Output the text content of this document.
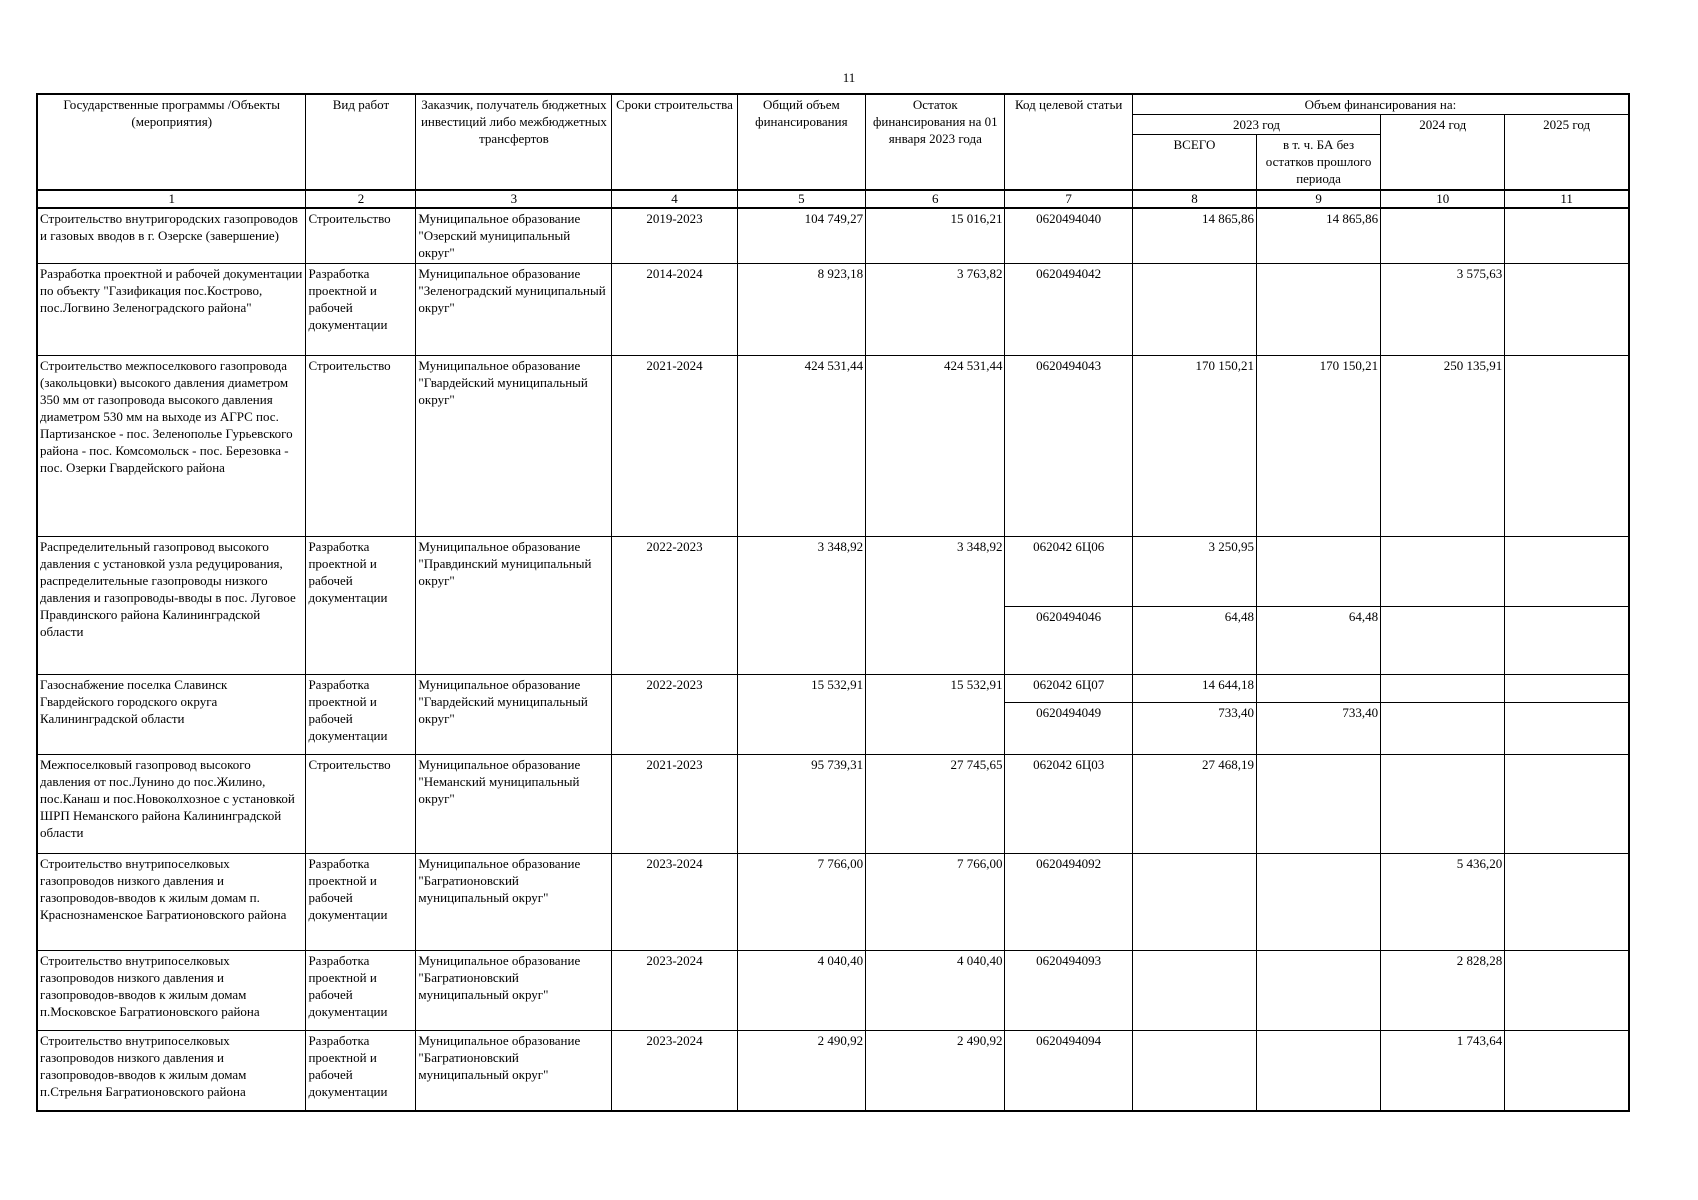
11
Государственные программы /Объекты (мероприятия)	Вид работ	Заказчик, получатель бюджетных инвестиций либо межбюджетных трансфертов	Сроки строительства	Общий объем финансирования	Остаток финансирования на 01 января 2023 года	Код целевой статьи	Объем финансирования на:			
							2023 год		2024 год	2025 год
							ВСЕГО	в т. ч. БА без остатков прошлого периода		
1	2	3	4	5	6	7	8	9	10	11
Строительство внутригородских газопроводов и газовых вводов в г. Озерске (завершение)	Строительство	Муниципальное образование "Озерский муниципальный округ"	2019-2023	104 749,27	15 016,21	0620494040	14 865,86	14 865,86		
Разработка проектной и рабочей документации по объекту "Газификация пос.Кострово, пос.Логвино Зеленоградского района"	Разработка проектной и рабочей документации	Муниципальное образование "Зеленоградский муниципальный округ"	2014-2024	8 923,18	3 763,82	0620494042			3 575,63	
Строительство межпоселкового газопровода (закольцовки) высокого давления диаметром 350 мм от газопровода высокого давления диаметром 530 мм на выходе из АГРС пос. Партизанское - пос. Зеленополье Гурьевского района - пос. Комсомольск - пос. Березовка - пос. Озерки Гвардейского района	Строительство	Муниципальное образование "Гвардейский муниципальный округ"	2021-2024	424 531,44	424 531,44	0620494043	170 150,21	170 150,21	250 135,91	
Распределительный газопровод высокого давления с установкой узла редуцирования, распределительные газопроводы низкого давления и газопроводы-вводы в пос. Луговое Правдинского района Калининградской области	Разработка проектной и рабочей документации	Муниципальное образование "Правдинский муниципальный округ"	2022-2023	3 348,92	3 348,92	062042 6Ц06	3 250,95			
						0620494046	64,48	64,48		
Газоснабжение поселка Славинск Гвардейского городского округа Калининградской области	Разработка проектной и рабочей документации	Муниципальное образование "Гвардейский муниципальный округ"	2022-2023	15 532,91	15 532,91	062042 6Ц07	14 644,18			
						0620494049	733,40	733,40		
Межпоселковый газопровод высокого давления от пос.Лунино до пос.Жилино, пос.Канаш и пос.Новоколхозное с установкой ШРП Неманского района Калининградской области	Строительство	Муниципальное образование "Неманский муниципальный округ"	2021-2023	95 739,31	27 745,65	062042 6Ц03	27 468,19			
Строительство внутрипоселковых газопроводов низкого давления и газопроводов-вводов к жилым домам п. Краснознаменское Багратионовского района	Разработка проектной и рабочей документации	Муниципальное образование "Багратионовский муниципальный округ"	2023-2024	7 766,00	7 766,00	0620494092			5 436,20	
Строительство внутрипоселковых газопроводов низкого давления и газопроводов-вводов к жилым домам п.Московское Багратионовского района	Разработка проектной и рабочей документации	Муниципальное образование "Багратионовский муниципальный округ"	2023-2024	4 040,40	4 040,40	0620494093			2 828,28	
Строительство внутрипоселковых газопроводов низкого давления и газопроводов-вводов к жилым домам п.Стрельня Багратионовского района	Разработка проектной и рабочей документации	Муниципальное образование "Багратионовский муниципальный округ"	2023-2024	2 490,92	2 490,92	0620494094			1 743,64	
